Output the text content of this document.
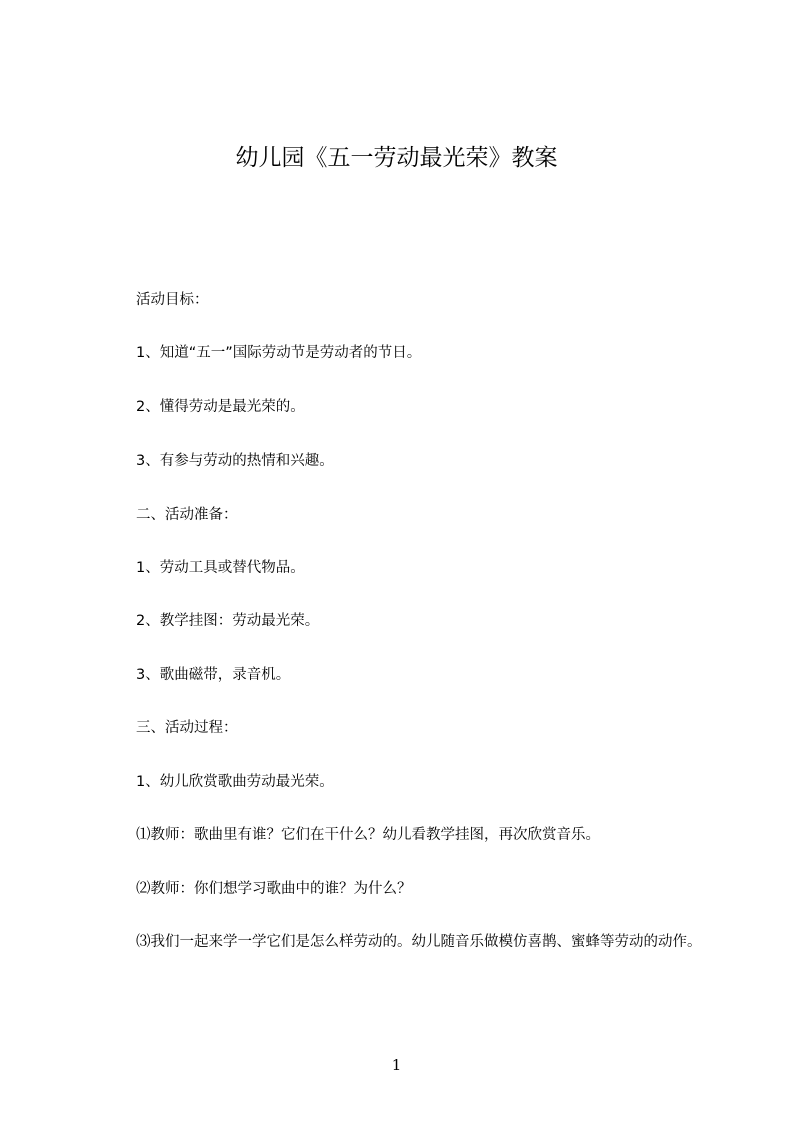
幼儿园《五一劳动最光荣》教案
活动目标：
1、知道“五一”国际劳动节是劳动者的节日。
2、懂得劳动是最光荣的。
3、有参与劳动的热情和兴趣。
二、活动准备：
1、劳动工具或替代物品。
2、教学挂图：劳动最光荣。
3、歌曲磁带，录音机。
三、活动过程：
1、幼儿欣赏歌曲劳动最光荣。
⑴教师：歌曲里有谁？它们在干什么？幼儿看教学挂图，再次欣赏音乐。
⑵教师：你们想学习歌曲中的谁？为什么？
⑶我们一起来学一学它们是怎么样劳动的。幼儿随音乐做模仿喜鹊、蜜蜂等劳动的动作。
1
